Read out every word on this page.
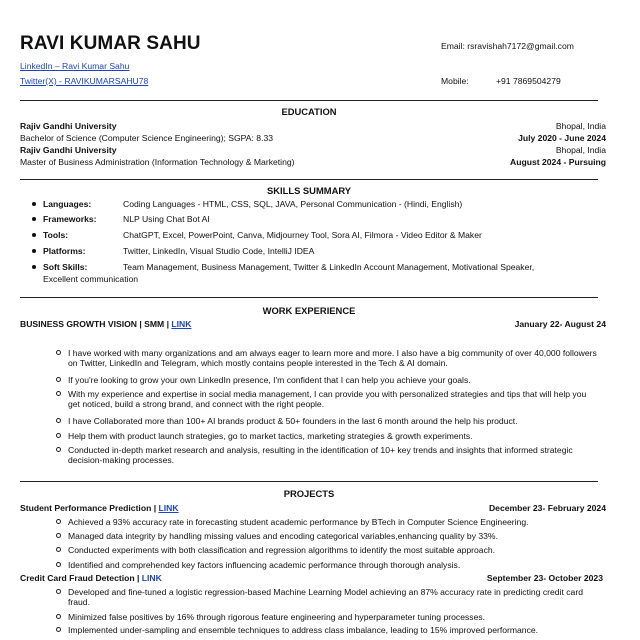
RAVI KUMAR SAHU	Email: rsravishah7172@gmail.com
LinkedIn – Ravi Kumar Sahu
Twitter(X) - RAVIKUMARSAHU78	Mobile:	+91 7869504279
EDUCATION
Rajiv Gandhi University	Bhopal, India
Bachelor of Science (Computer Science Engineering); SGPA: 8.33	July 2020 - June 2024
Rajiv Gandhi University	Bhopal, India
Master of Business Administration (Information Technology & Marketing)	August 2024 - Pursuing
SKILLS SUMMARY
Languages:	Coding Languages - HTML, CSS, SQL, JAVA, Personal Communication - (Hindi, English)
Frameworks:	NLP Using Chat Bot AI
Tools:	ChatGPT, Excel, PowerPoint, Canva, Midjourney Tool, Sora AI, Filmora - Video Editor & Maker
Platforms:	Twitter, LinkedIn, Visual Studio Code, IntelliJ IDEA
Soft Skills:	Team Management, Business Management, Twitter & LinkedIn Account Management, Motivational Speaker,
Excellent communication
WORK EXPERIENCE
BUSINESS GROWTH VISION | SMM | LINK	January 22- August 24
I have worked with many organizations and am always eager to learn more and more. I also have a big community of over 40,000 followers on Twitter, LinkedIn and Telegram, which mostly contains people interested in the Tech & AI domain.
If you're looking to grow your own LinkedIn presence, I'm confident that I can help you achieve your goals.
With my experience and expertise in social media management, I can provide you with personalized strategies and tips that will help you get noticed, build a strong brand, and connect with the right people.
I have Collaborated more than 100+ AI brands product & 50+ founders in the last 6 month around the help his product.
Help them with product launch strategies, go to market tactics, marketing strategies & growth experiments.
Conducted in-depth market research and analysis, resulting in the identification of 10+ key trends and insights that informed strategic decision-making processes.
PROJECTS
Student Performance Prediction | LINK	December 23- February 2024
Achieved a 93% accuracy rate in forecasting student academic performance by BTech in Computer Science Engineering.
Managed data integrity by handling missing values and encoding categorical variables,enhancing quality by 33%.
Conducted experiments with both classification and regression algorithms to identify the most suitable approach.
Identified and comprehended key factors influencing academic performance through thorough analysis.
Credit Card Fraud Detection | LINK	September 23- October 2023
Developed and fine-tuned a logistic regression-based Machine Learning Model achieving an 87% accuracy rate in predicting credit card fraud.
Minimized false positives by 16% through rigorous feature engineering and hyperparameter tuning processes.
Implemented under-sampling and ensemble techniques to address class imbalance, leading to 15% improved performance.
